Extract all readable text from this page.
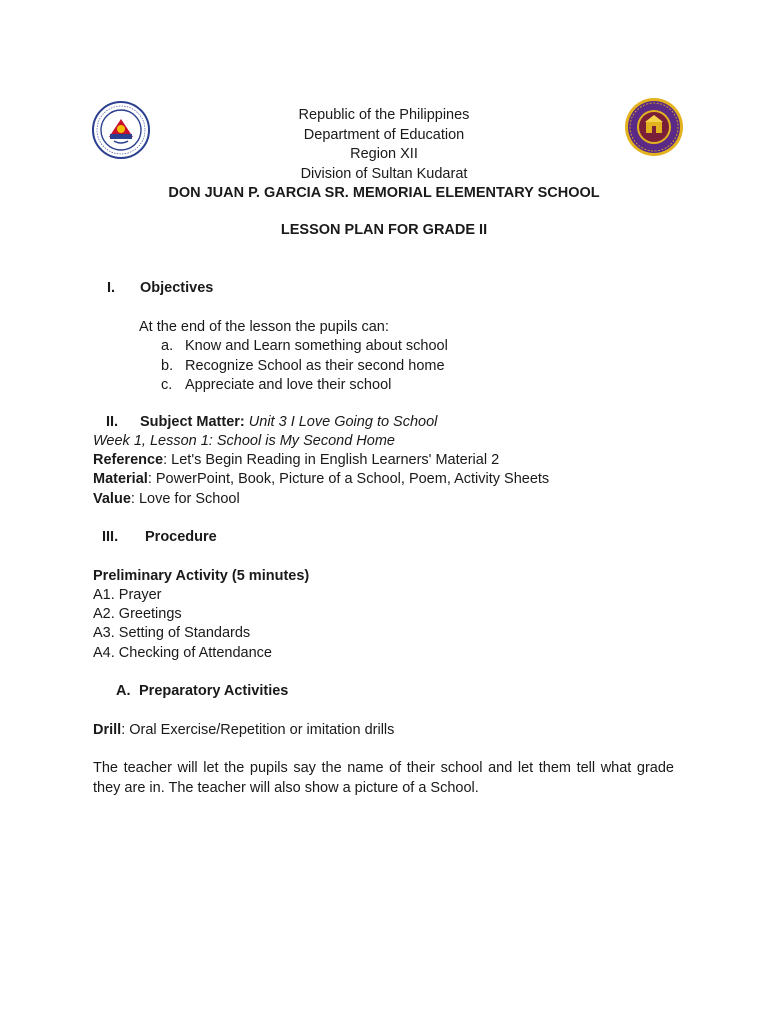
Republic of the Philippines
Department of Education
Region XII
Division of Sultan Kudarat
DON JUAN P. GARCIA SR. MEMORIAL ELEMENTARY SCHOOL
LESSON PLAN FOR GRADE II
I. Objectives
At the end of the lesson the pupils can:
a. Know and Learn something about school
b. Recognize School as their second home
c. Appreciate and love their school
II. Subject Matter: Unit 3 I Love Going to School
Week 1, Lesson 1: School is My Second Home
Reference: Let's Begin Reading in English Learners' Material 2
Material: PowerPoint, Book, Picture of a School, Poem, Activity Sheets
Value: Love for School
III. Procedure
Preliminary Activity (5 minutes)
A1. Prayer
A2. Greetings
A3. Setting of Standards
A4. Checking of Attendance
A. Preparatory Activities
Drill: Oral Exercise/Repetition or imitation drills
The teacher will let the pupils say the name of their school and let them tell what grade they are in. The teacher will also show a picture of a School.
